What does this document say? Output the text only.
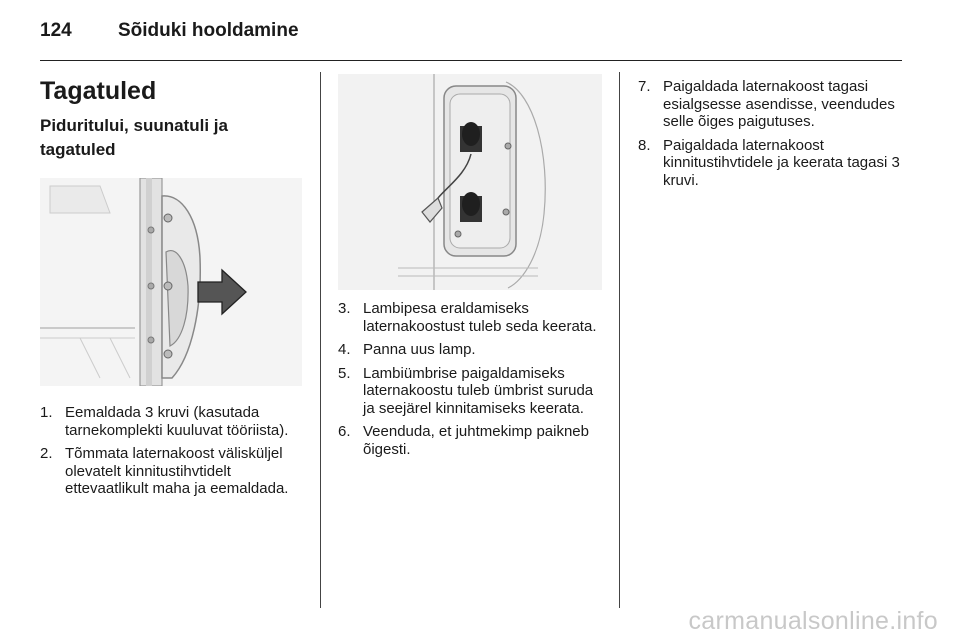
124 Sõiduki hooldamine
Tagatuled
Piduritului, suunatuli ja tagatuled
1. Eemaldada 3 kruvi (kasutada tarnekomplekti kuuluvat tööriista).
2. Tõmmata laternakoost välisküljel olevatelt kinnitustihvtidelt ettevaatlikult maha ja eemaldada.
3. Lambipesa eraldamiseks laternakoostust tuleb seda keerata.
4. Panna uus lamp.
5. Lambiümbrise paigaldamiseks laternakoostu tuleb ümbrist suruda ja seejärel kinnitamiseks keerata.
6. Veenduda, et juhtmekimp paikneb õigesti.
7. Paigaldada laternakoost tagasi esialgsesse asendisse, veendudes selle õiges paigutuses.
8. Paigaldada laternakoost kinnitustihvtidele ja keerata tagasi 3 kruvi.
carmanualsonline.info
